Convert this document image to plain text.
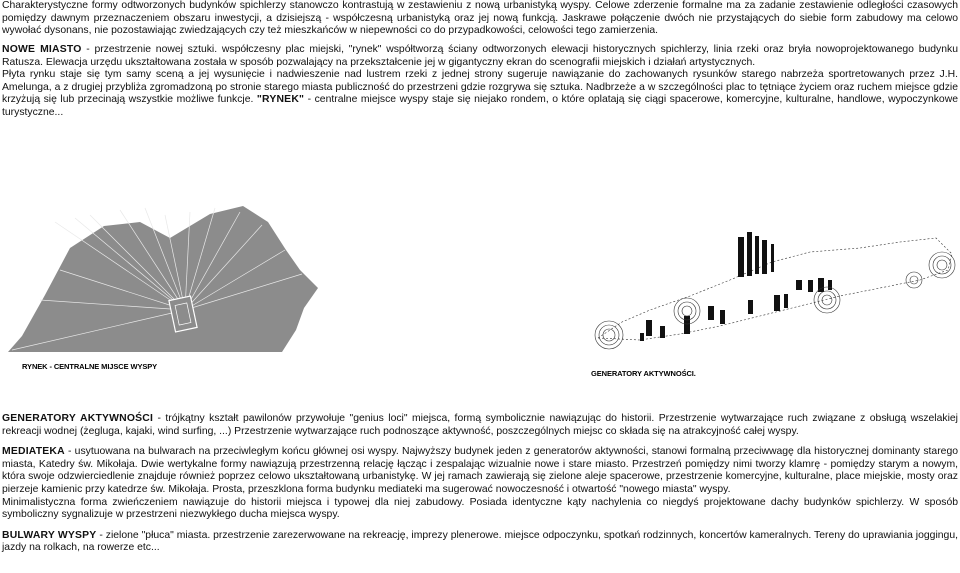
Charakterystyczne formy odtworzonych budynków spichlerzy stanowcz​o kontrastują w zestawieniu z nową urbanistyką wyspy. Celowe zderzenie formalne ma za zadanie zestawienie odległości czasowych pomiędzy dawnym przeznaczeniem obszaru inwestycji, a dzisiejszą - współczesną urbanistyką oraz jej nową funkcją. Jaskrawe połączenie dwóch nie przystających do siebie form zabudowy ma celowo wywołać dysonans, nie pozostawiając zwiedzających czy też mieszkańców w niepewności co do przypadkowości, celowości tego zamierzenia.

NOWE MIASTO - przestrzenie nowej sztuki. współczesny plac miejski, "rynek" współtworzą ściany odtworzonych elewacji historycznych spichlerzy, linia rzeki oraz bryła nowoprojektowanego budynku Ratusza. Elewacja urzędu ukształtowana została w sposób pozwalający na przekształcenie jej w gigantyczny ekran do scenografii miejskich i działań artystycznych.

Płyta rynku staje się tym samy sceną a jej wysunięcie i nadwieszenie nad lustrem rzeki z jednej strony sugeruje nawiązanie do zachowanych rysunków starego nabrzeża sportretowanych przez J.H. Amelunga, a z drugiej przybliża zgromadzoną po stronie starego miasta publiczność do przestrzeni gdzie rozgrywa się sztuka. Nadbrzeże a w szczególności plac to tętniące życiem oraz ruchem miejsce gdzie krzyżują się lub przecinają wszystkie możliwe funkcje. "RYNEK" - centralne miejsce wyspy staje się niejako rondem, o które oplatają się ciągi spacerowe, komercyjne, kulturalne, handlowe, wypoczynkowe turystyczne...

RYNEK - CENTRALNE MIJSCE WYSPY
GENERATORY AKTYWNOŚCI.

GENERATORY AKTYWNOŚCI - trójkątny kształt pawilonów przywołuje "genius loci" miejsca, formą symbolicznie nawiązując do historii. Przestrzenie wytwarzające ruch związane z obsługą wszelakiej rekreacji wodnej (żegluga, kajaki, wind surfing, ...) Przestrzenie wytwarzające ruch podnoszące aktywność, poszczególnych miejsc co składa się na atrakcyjność całej wyspy.

MEDIATEKA - usytuowana na bulwarach na przeciwległym końcu głównej osi wyspy. Najwyższy budynek jeden z generatorów aktywności, stanowi formalną przeciwwagę dla historycznej dominanty starego miasta, Katedry św. Mikołaja. Dwie wertykalne formy nawiązują przestrzenną relację łącząc i zespalając wizualnie nowe i stare miasto. Przestrzeń pomiędzy nimi tworzy klamrę - pomiędzy starym a nowym, która swoje odzwierciedlenie znajduje również poprzez celowo ukształtowaną urbanistykę. W jej ramach zawierają się zielone aleje spacerowe, przestrzenie komercyjne, kulturalne, place miejskie, mosty oraz pierzeje kamienic przy katedrze św. Mikołaja. Prosta, przeszklona forma budynku mediateki ma sugerować nowoczesność i otwartość "nowego miasta" wyspy.

Minimalistyczna forma zwieńczeniem nawiązuje do historii miejsca i typowej dla niej zabudowy. Posiada identyczne kąty nachylenia co niegdyś projektowane dachy budynków spichlerzy. W sposób symboliczny sygnalizuje w przestrzeni niezwykłego ducha miejsca wyspy.

BULWARY WYSPY - zielone "płuca" miasta. przestrzenie zarezerwowane na rekreację, imprezy plenerowe. miejsce odpoczynku, spotkań rodzinnych, koncertów kameralnych. Tereny do uprawiania joggingu, jazdy na rolkach, na rowerze etc...
